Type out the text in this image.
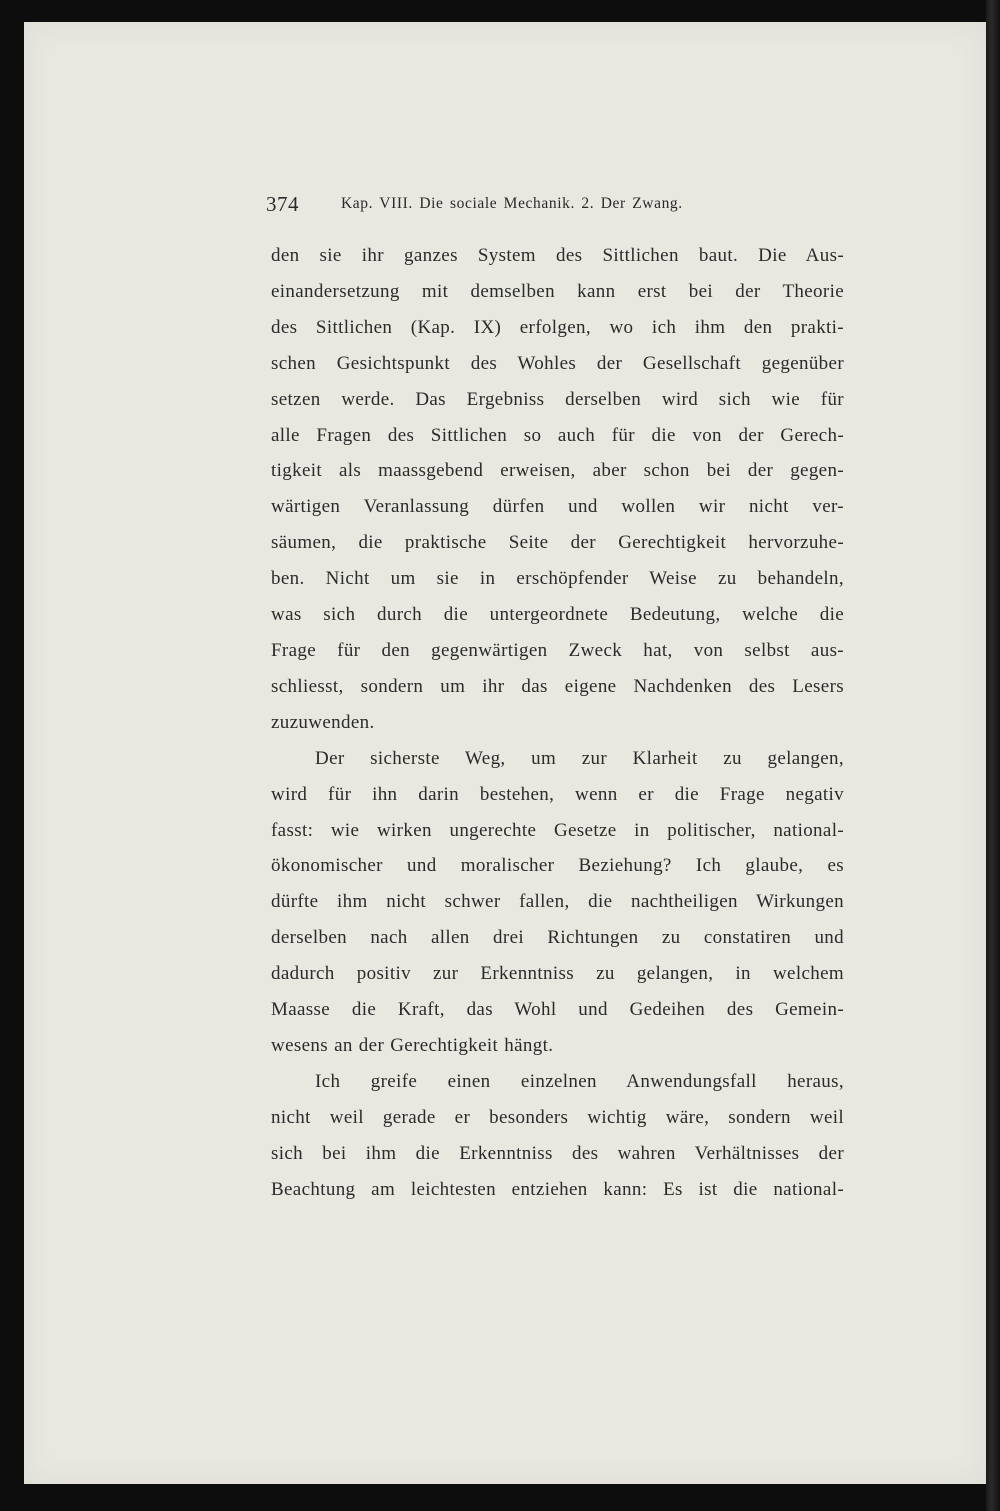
374	Kap. VIII. Die sociale Mechanik. 2. Der Zwang.
den sie ihr ganzes System des Sittlichen baut. Die Aus-
einandersetzung mit demselben kann erst bei der Theorie
des Sittlichen (Kap. IX) erfolgen, wo ich ihm den prakti-
schen Gesichtspunkt des Wohles der Gesellschaft gegenüber
setzen werde. Das Ergebniss derselben wird sich wie für
alle Fragen des Sittlichen so auch für die von der Gerech-
tigkeit als maassgebend erweisen, aber schon bei der gegen-
wärtigen Veranlassung dürfen und wollen wir nicht ver-
säumen, die praktische Seite der Gerechtigkeit hervorzuhe-
ben. Nicht um sie in erschöpfender Weise zu behandeln,
was sich durch die untergeordnete Bedeutung, welche die
Frage für den gegenwärtigen Zweck hat, von selbst aus-
schliesst, sondern um ihr das eigene Nachdenken des Lesers
zuzuwenden.
Der sicherste Weg, um zur Klarheit zu gelangen,
wird für ihn darin bestehen, wenn er die Frage negativ
fasst: wie wirken ungerechte Gesetze in politischer, national-
ökonomischer und moralischer Beziehung? Ich glaube, es
dürfte ihm nicht schwer fallen, die nachtheiligen Wirkungen
derselben nach allen drei Richtungen zu constatiren und
dadurch positiv zur Erkenntniss zu gelangen, in welchem
Maasse die Kraft, das Wohl und Gedeihen des Gemein-
wesens an der Gerechtigkeit hängt.
Ich greife einen einzelnen Anwendungsfall heraus,
nicht weil gerade er besonders wichtig wäre, sondern weil
sich bei ihm die Erkenntniss des wahren Verhältnisses der
Beachtung am leichtesten entziehen kann: Es ist die national-
